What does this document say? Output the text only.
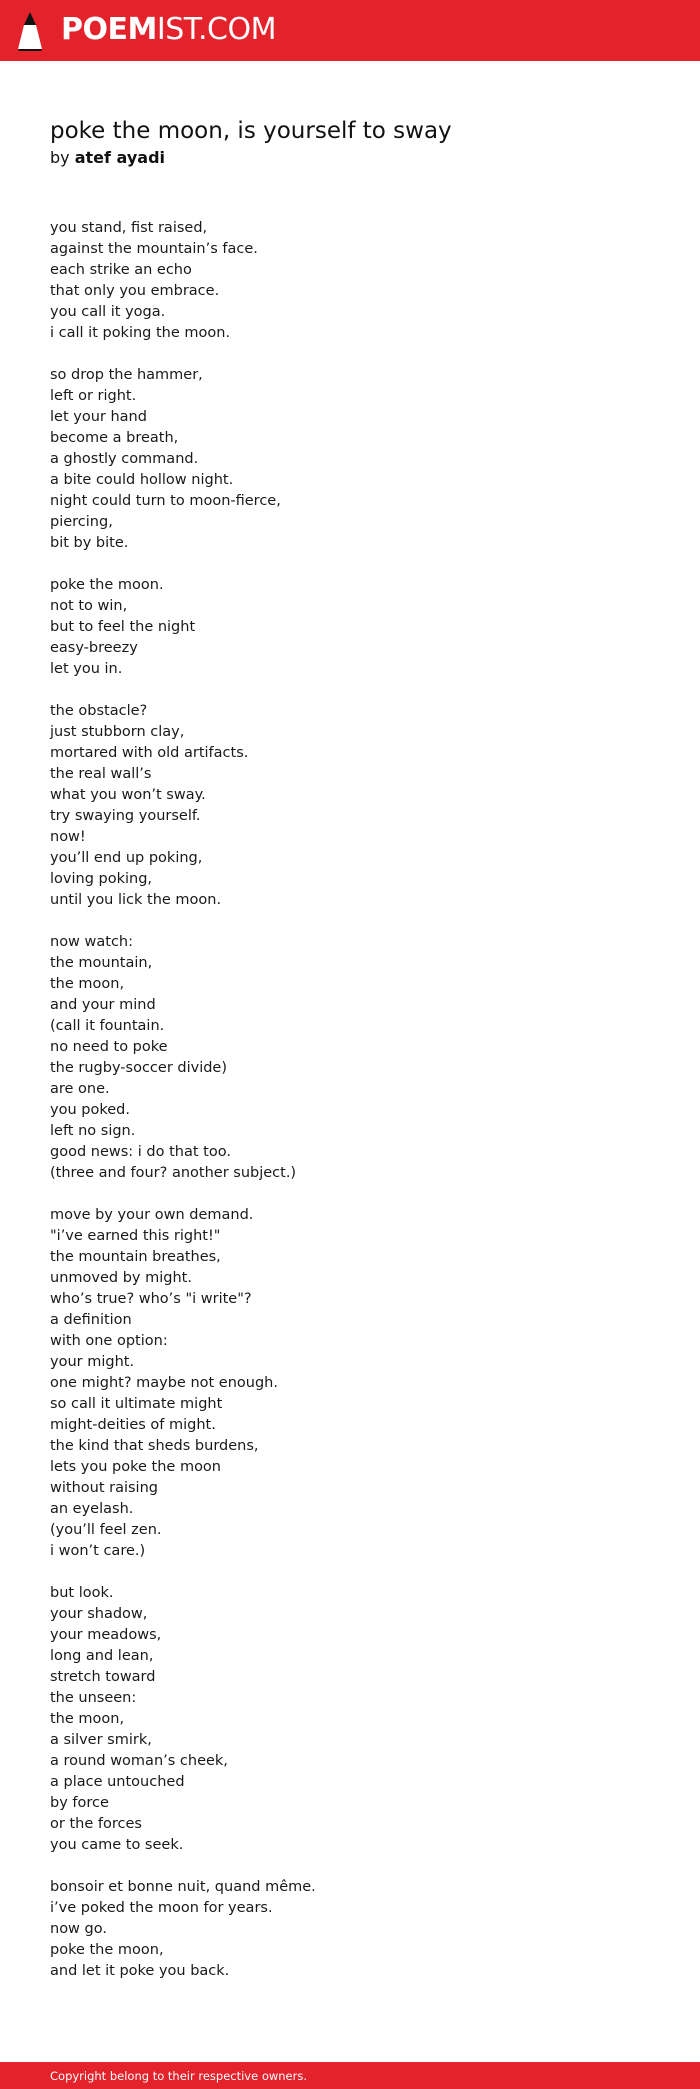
POEMIST.COM
poke the moon, is yourself to sway
by atef ayadi
you stand, fist raised,
against the mountain’s face.
each strike an echo
that only you embrace.
you call it yoga.
i call it poking the moon.
so drop the hammer,
left or right.
let your hand
become a breath,
a ghostly command.
a bite could hollow night.
night could turn to moon-fierce,
piercing,
bit by bite.
poke the moon.
not to win,
but to feel the night
easy-breezy
let you in.
the obstacle?
just stubborn clay,
mortared with old artifacts.
the real wall’s
what you won’t sway.
try swaying yourself.
now!
you’ll end up poking,
loving poking,
until you lick the moon.
now watch:
the mountain,
the moon,
and your mind
(call it fountain.
no need to poke
the rugby-soccer divide)
are one.
you poked.
left no sign.
good news: i do that too.
(three and four? another subject.)
move by your own demand.
"i’ve earned this right!"
the mountain breathes,
unmoved by might.
who’s true? who’s "i write"?
a definition
with one option:
your might.
one might? maybe not enough.
so call it ultimate might
might-deities of might.
the kind that sheds burdens,
lets you poke the moon
without raising
an eyelash.
(you’ll feel zen.
i won’t care.)
but look.
your shadow,
your meadows,
long and lean,
stretch toward
the unseen:
the moon,
a silver smirk,
a round woman’s cheek,
a place untouched
by force
or the forces
you came to seek.
bonsoir et bonne nuit, quand même.
i’ve poked the moon for years.
now go.
poke the moon,
and let it poke you back.
Copyright belong to their respective owners.
